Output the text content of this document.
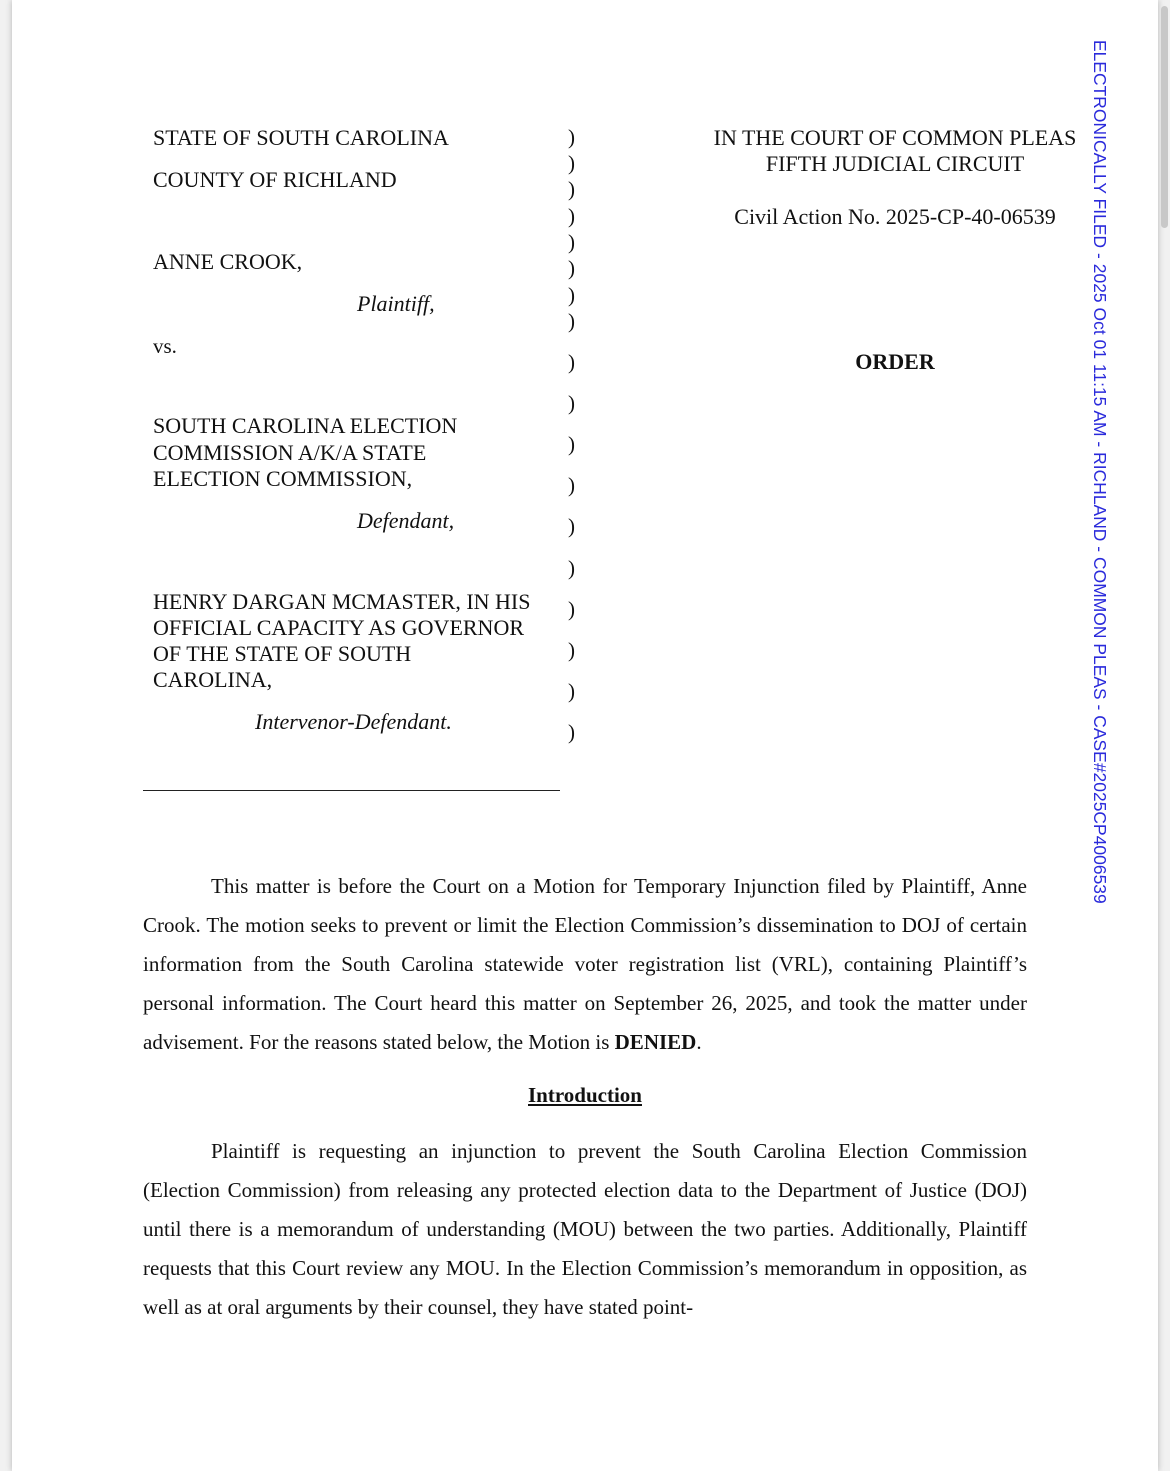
STATE OF SOUTH CAROLINA
COUNTY OF RICHLAND
ANNE CROOK,
Plaintiff,
vs.
SOUTH CAROLINA ELECTION
COMMISSION A/K/A STATE
ELECTION COMMISSION,
Defendant,
HENRY DARGAN MCMASTER, IN HIS
OFFICIAL CAPACITY AS GOVERNOR
OF THE STATE OF SOUTH
CAROLINA,
Intervenor-Defendant.
)
)
)
)
)
)
)
)
)
)
)
)
)
)
)
)
)
)
IN THE COURT OF COMMON PLEAS
FIFTH JUDICIAL CIRCUIT
Civil Action No. 2025-CP-40-06539
ORDER
This matter is before the Court on a Motion for Temporary Injunction filed by Plaintiff, Anne Crook. The motion seeks to prevent or limit the Election Commission’s dissemination to DOJ of certain information from the South Carolina statewide voter registration list (VRL), containing Plaintiff’s personal information. The Court heard this matter on September 26, 2025, and took the matter under advisement. For the reasons stated below, the Motion is DENIED.
Introduction
Plaintiff is requesting an injunction to prevent the South Carolina Election Commission (Election Commission) from releasing any protected election data to the Department of Justice (DOJ) until there is a memorandum of understanding (MOU) between the two parties. Additionally, Plaintiff requests that this Court review any MOU. In the Election Commission’s memorandum in opposition, as well as at oral arguments by their counsel, they have stated point-
ELECTRONICALLY FILED - 2025 Oct 01 11:15 AM - RICHLAND - COMMON PLEAS - CASE#2025CP4006539
